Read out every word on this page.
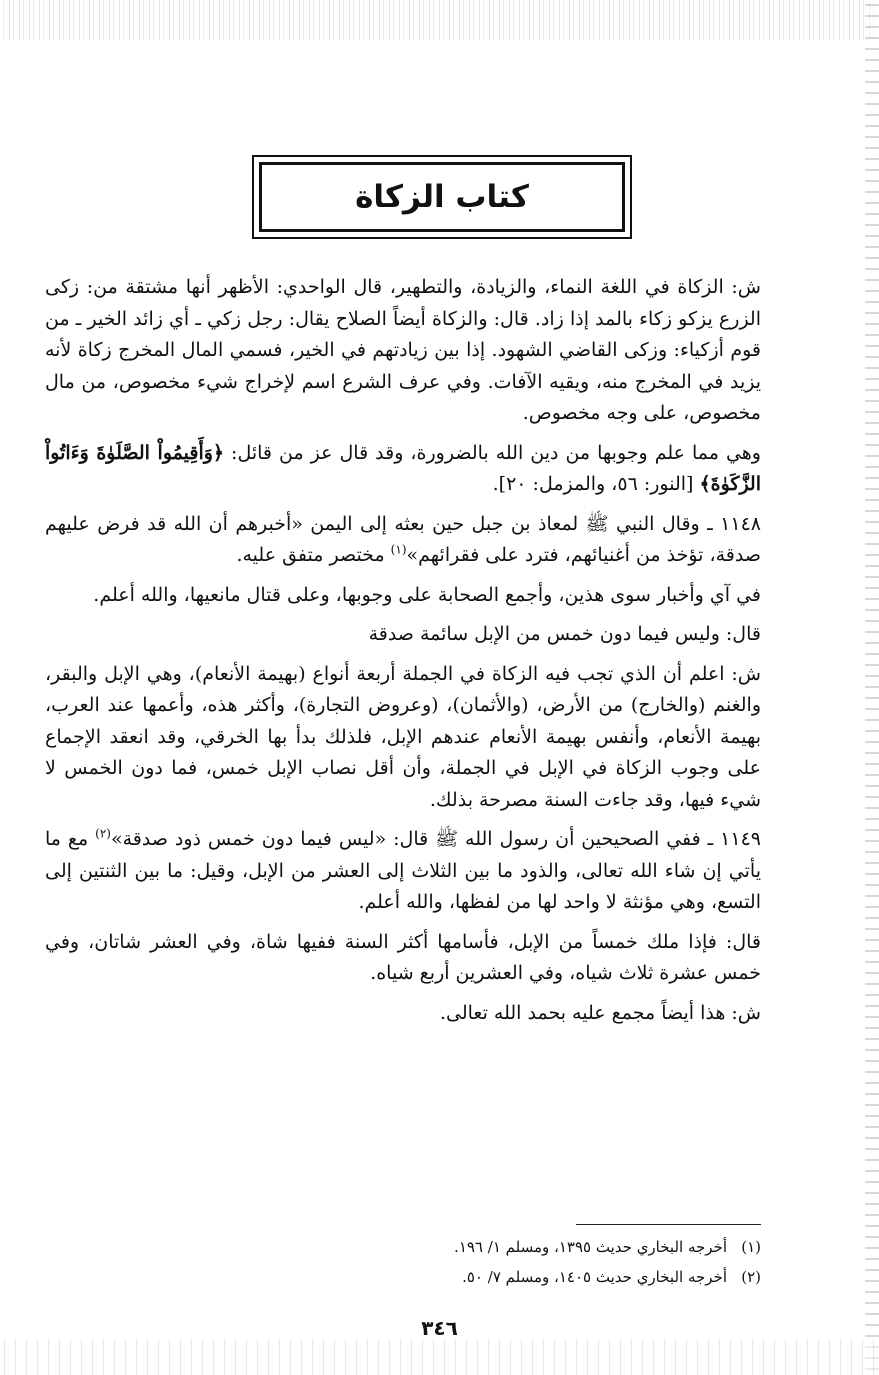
كتاب الزكاة

ش: الزكاة في اللغة النماء، والزيادة، والتطهير، قال الواحدي: الأظهر أنها مشتقة من: زكى الزرع يزكو زكاء بالمد إذا زاد. قال: والزكاة أيضاً الصلاح يقال: رجل زكي ـ أي زائد الخير ـ من قوم أزكياء: وزكى القاضي الشهود. إذا بين زيادتهم في الخير، فسمي المال المخرج زكاة لأنه يزيد في المخرج منه، ويقيه الآفات. وفي عرف الشرع اسم لإخراج شيء مخصوص، من مال مخصوص، على وجه مخصوص.

وهي مما علم وجوبها من دين الله بالضرورة، وقد قال عز من قائل: ﴿وَأَقِيمُواْ الصَّلَوٰةَ وَءَاتُواْ الزَّكَوٰةَ﴾ [النور: ٥٦، والمزمل: ٢٠].

١١٤٨ ـ وقال النبي ﷺ لمعاذ بن جبل حين بعثه إلى اليمن «أخبرهم أن الله قد فرض عليهم صدقة، تؤخذ من أغنيائهم، فترد على فقرائهم»$^{(١)}$ مختصر متفق عليه.

في آي وأخبار سوى هذين، وأجمع الصحابة على وجوبها، وعلى قتال مانعيها، والله أعلم.

قال: وليس فيما دون خمس من الإبل سائمة صدقة

ش: اعلم أن الذي تجب فيه الزكاة في الجملة أربعة أنواع (بهيمة الأنعام)، وهي الإبل والبقر، والغنم (والخارج) من الأرض، (والأثمان)، (وعروض التجارة)، وأكثر هذه، وأعمها عند العرب، بهيمة الأنعام، وأنفس بهيمة الأنعام عندهم الإبل، فلذلك بدأ بها الخرقي، وقد انعقد الإجماع على وجوب الزكاة في الإبل في الجملة، وأن أقل نصاب الإبل خمس، فما دون الخمس لا شيء فيها، وقد جاءت السنة مصرحة بذلك.

١١٤٩ ـ ففي الصحيحين أن رسول الله ﷺ قال: «ليس فيما دون خمس ذود صدقة»$^{(٢)}$ مع ما يأتي إن شاء الله تعالى، والذود ما بين الثلاث إلى العشر من الإبل، وقيل: ما بين الثنتين إلى التسع، وهي مؤنثة لا واحد لها من لفظها، والله أعلم.

قال: فإذا ملك خمساً من الإبل، فأسامها أكثر السنة ففيها شاة، وفي العشر شاتان، وفي خمس عشرة ثلاث شياه، وفي العشرين أربع شياه.

ش: هذا أيضاً مجمع عليه بحمد الله تعالى.

(١)أخرجه البخاري حديث ١٣٩٥، ومسلم ١/ ١٩٦.

(٢)أخرجه البخاري حديث ١٤٠٥، ومسلم ٧/ ٥٠.

٣٤٦
